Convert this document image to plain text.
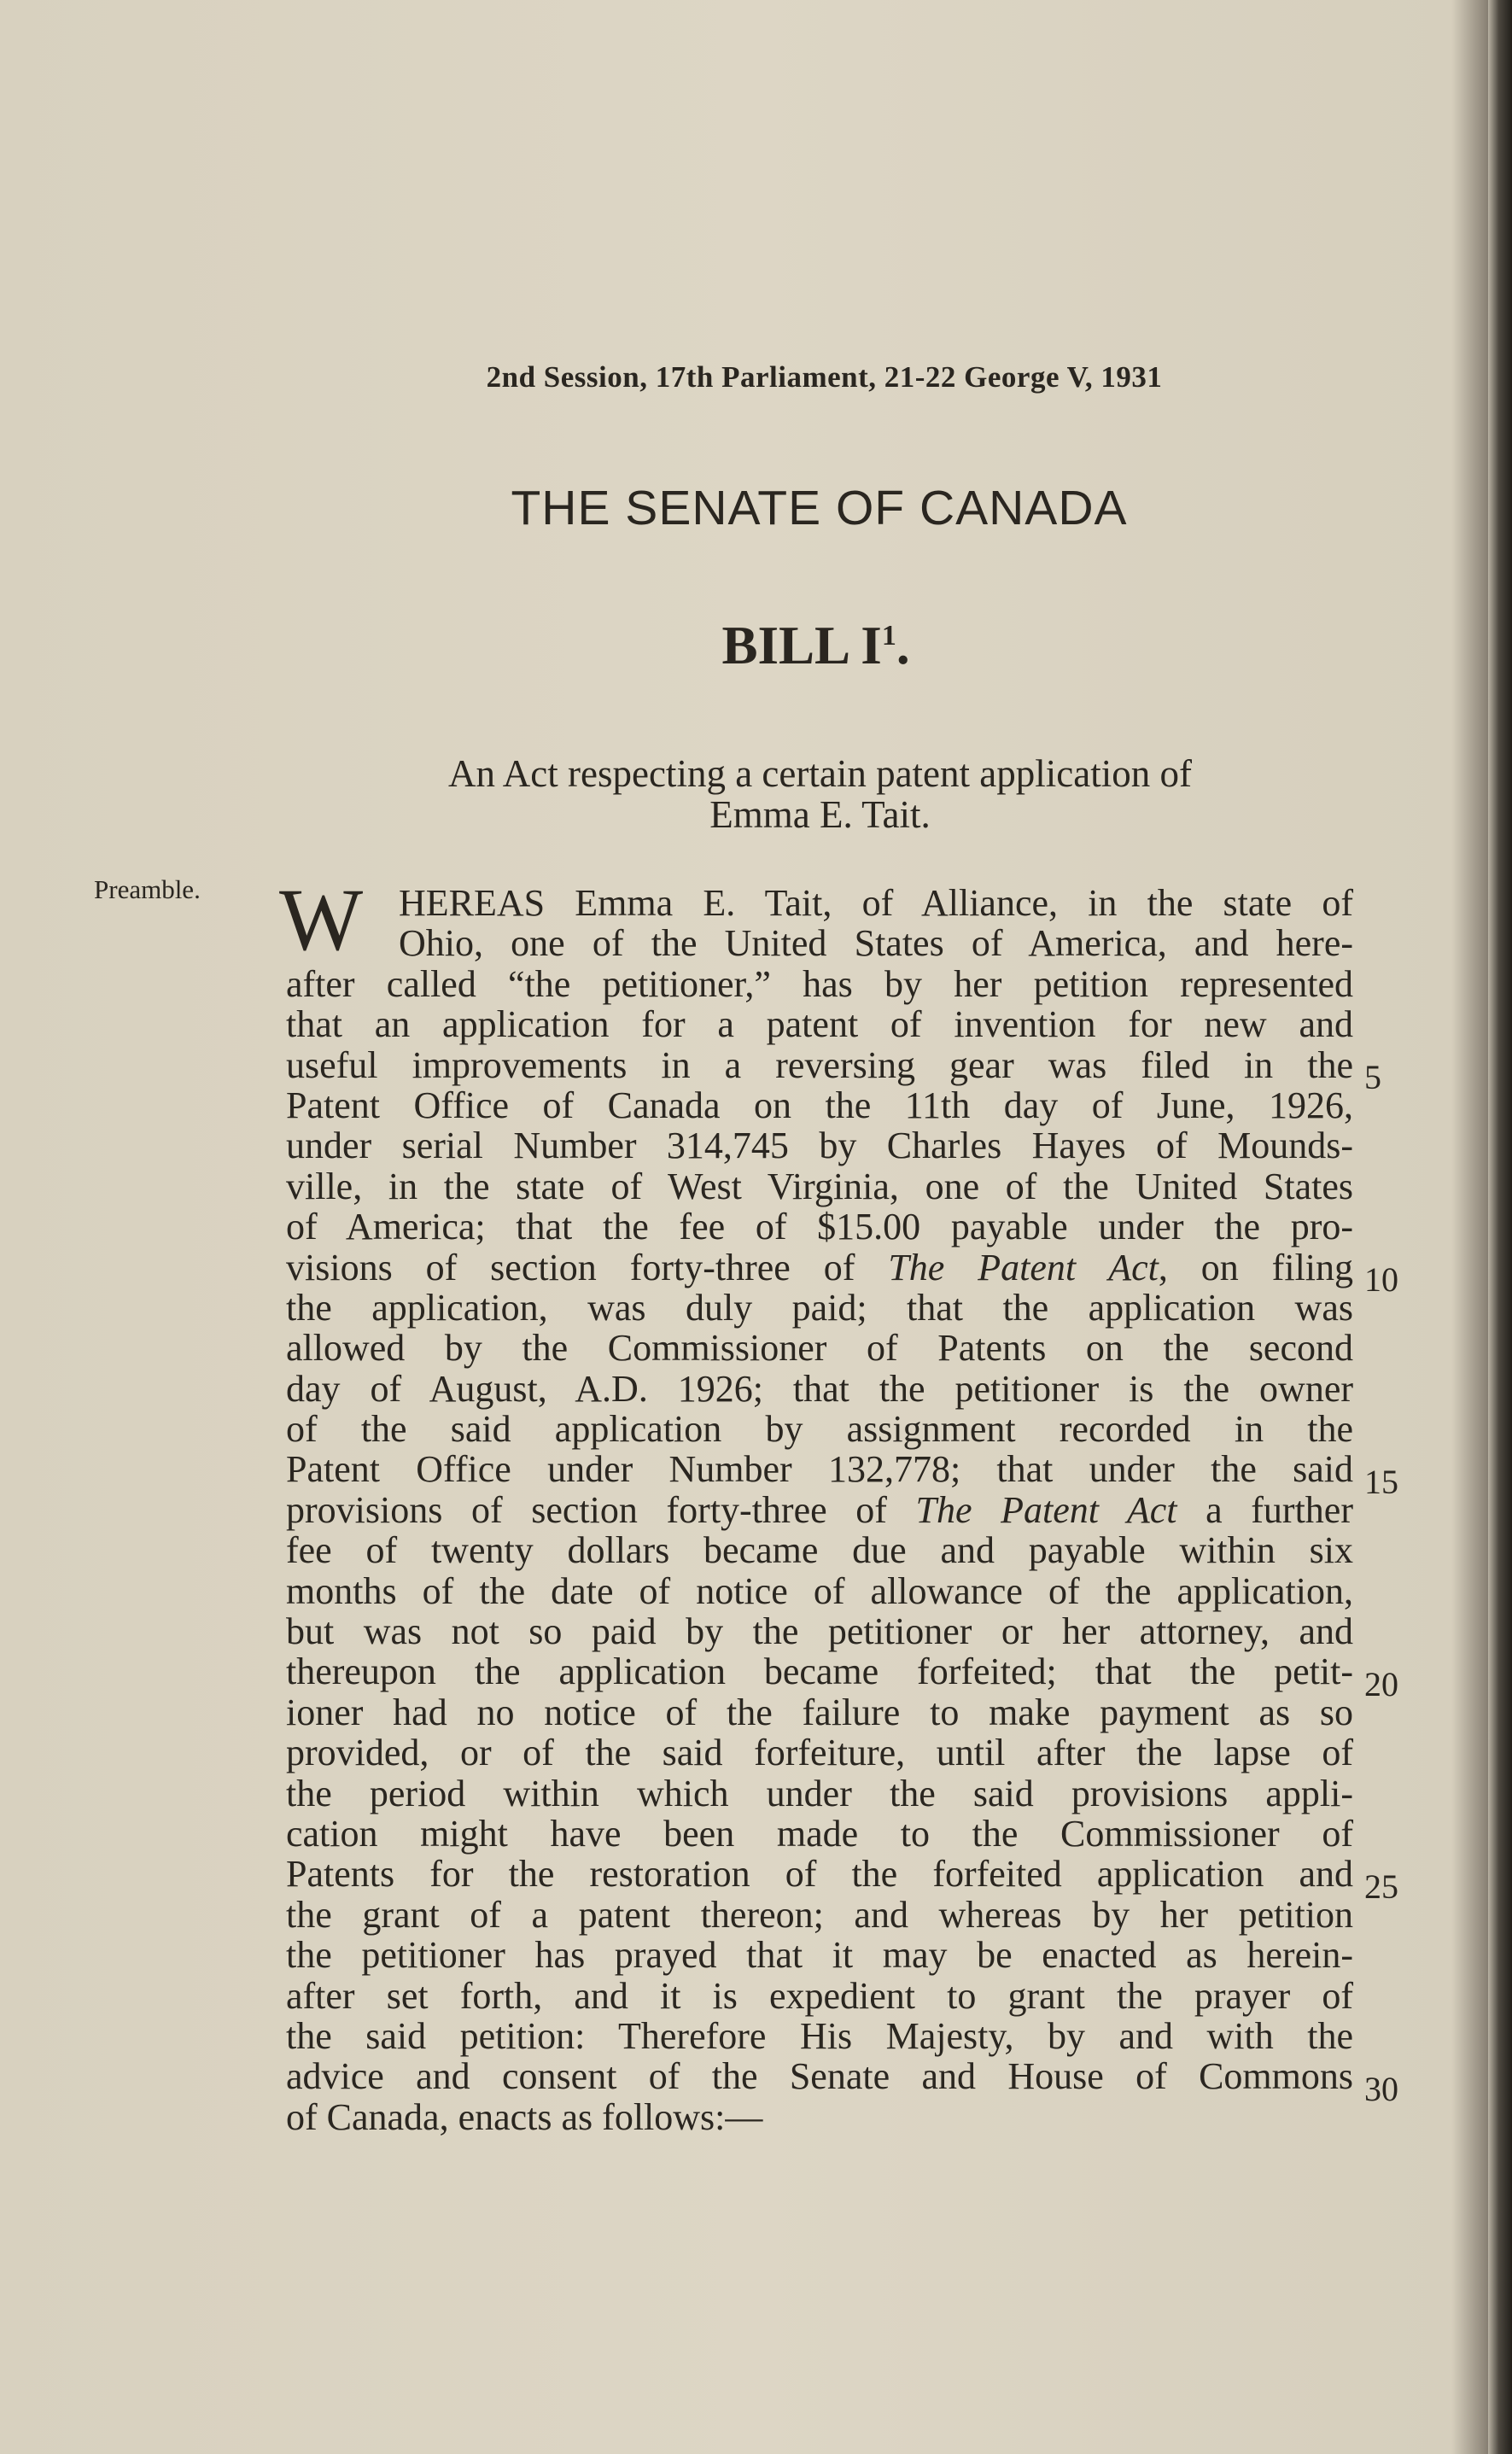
2nd Session, 17th Parliament, 21-22 George V, 1931
THE SENATE OF CANADA
BILL $I^1$.
An Act respecting a certain patent application of
Emma E. Tait.
Preamble. W HEREAS Emma E. Tait, of Alliance, in the state of
Ohio, one of the United States of America, and here-
after called “the petitioner,” has by her petition represented
that an application for a patent of invention for new and
useful improvements in a reversing gear was filed in the
Patent Office of Canada on the 11th day of June, 1926,
under serial Number 314,745 by Charles Hayes of Mounds-
ville, in the state of West Virginia, one of the United States
of America; that the fee of $15.00 payable under the pro-
visions of section forty-three of The Patent Act, on filing
the application, was duly paid; that the application was
allowed by the Commissioner of Patents on the second
day of August, A.D. 1926; that the petitioner is the owner
of the said application by assignment recorded in the
Patent Office under Number 132,778; that under the said
provisions of section forty-three of The Patent Act a further
fee of twenty dollars became due and payable within six
months of the date of notice of allowance of the application,
but was not so paid by the petitioner or her attorney, and
thereupon the application became forfeited; that the petit-
ioner had no notice of the failure to make payment as so
provided, or of the said forfeiture, until after the lapse of
the period within which under the said provisions appli-
cation might have been made to the Commissioner of
Patents for the restoration of the forfeited application and
the grant of a patent thereon; and whereas by her petition
the petitioner has prayed that it may be enacted as herein-
after set forth, and it is expedient to grant the prayer of
the said petition: Therefore His Majesty, by and with the
advice and consent of the Senate and House of Commons
of Canada, enacts as follows:—
5
10
15
20
25
30
